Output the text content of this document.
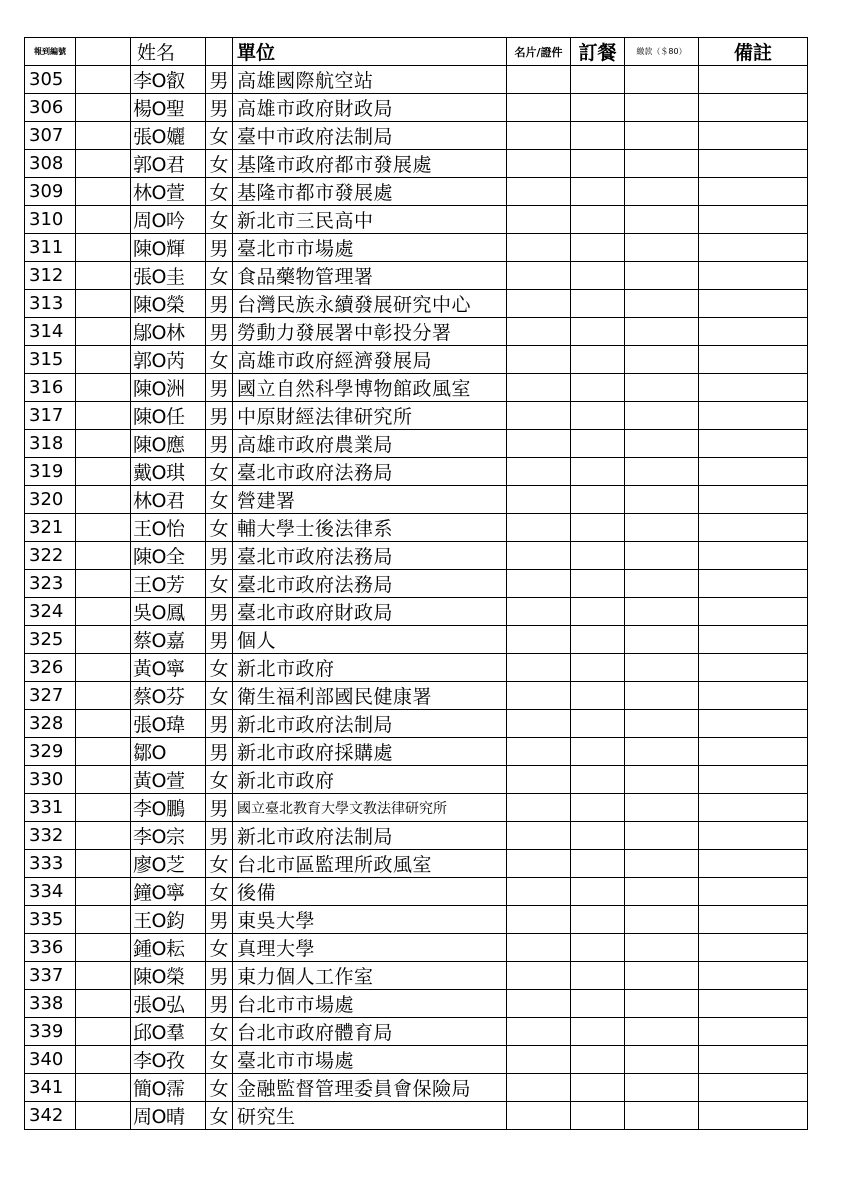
報到編號		姓名		單位	名片/證件	訂餐	繳款（＄80）	備註
305		李O叡	男	高雄國際航空站				
306		楊O聖	男	高雄市政府財政局				
307		張O孋	女	臺中市政府法制局				
308		郭O君	女	基隆市政府都市發展處				
309		林O萱	女	基隆市都市發展處				
310		周O吟	女	新北市三民高中				
311		陳O輝	男	臺北市市場處				
312		張O圭	女	食品藥物管理署				
313		陳O榮	男	台灣民族永續發展研究中心				
314		鄔O林	男	勞動力發展署中彰投分署				
315		郭O芮	女	高雄市政府經濟發展局				
316		陳O洲	男	國立自然科學博物館政風室				
317		陳O任	男	中原財經法律研究所				
318		陳O應	男	高雄市政府農業局				
319		戴O琪	女	臺北市政府法務局				
320		林O君	女	營建署				
321		王O怡	女	輔大學士後法律系				
322		陳O全	男	臺北市政府法務局				
323		王O芳	女	臺北市政府法務局				
324		吳O鳳	男	臺北市政府財政局				
325		蔡O嘉	男	個人				
326		黃O寧	女	新北市政府				
327		蔡O芬	女	衛生福利部國民健康署				
328		張O瑋	男	新北市政府法制局				
329		鄒O	男	新北市政府採購處				
330		黃O萱	女	新北市政府				
331		李O鵬	男	國立臺北教育大學文教法律研究所				
332		李O宗	男	新北市政府法制局				
333		廖O芝	女	台北市區監理所政風室				
334		鐘O寧	女	後備				
335		王O鈞	男	東吳大學				
336		鍾O耘	女	真理大學				
337		陳O榮	男	東力個人工作室				
338		張O弘	男	台北市市場處				
339		邱O羣	女	台北市政府體育局				
340		李O孜	女	臺北市市場處				
341		簡O霈	女	金融監督管理委員會保險局				
342		周O晴	女	研究生				
